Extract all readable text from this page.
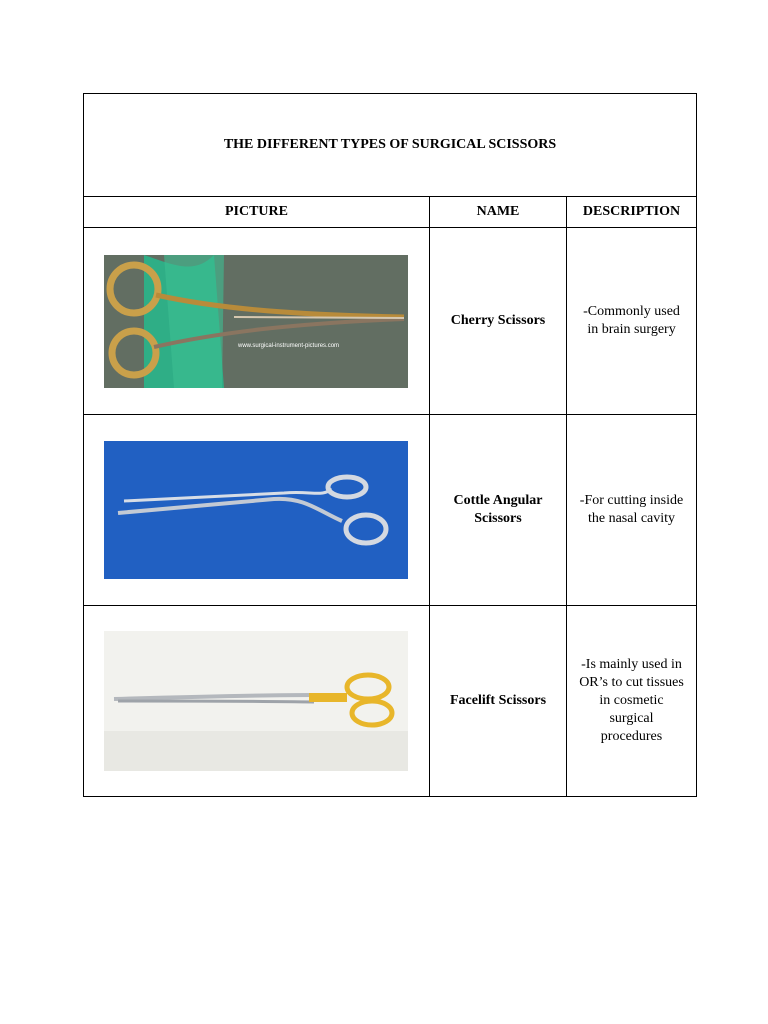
THE DIFFERENT TYPES OF SURGICAL SCISSORS		
PICTURE	NAME	DESCRIPTION

www.surgical-instrument-pictures.com	Cherry Scissors	-Commonly used
in brain surgery

	Cottle Angular Scissors	-For cutting inside
the nasal cavity

	Facelift Scissors	-Is mainly used in
OR’s to cut tissues
in cosmetic
surgical
procedures
